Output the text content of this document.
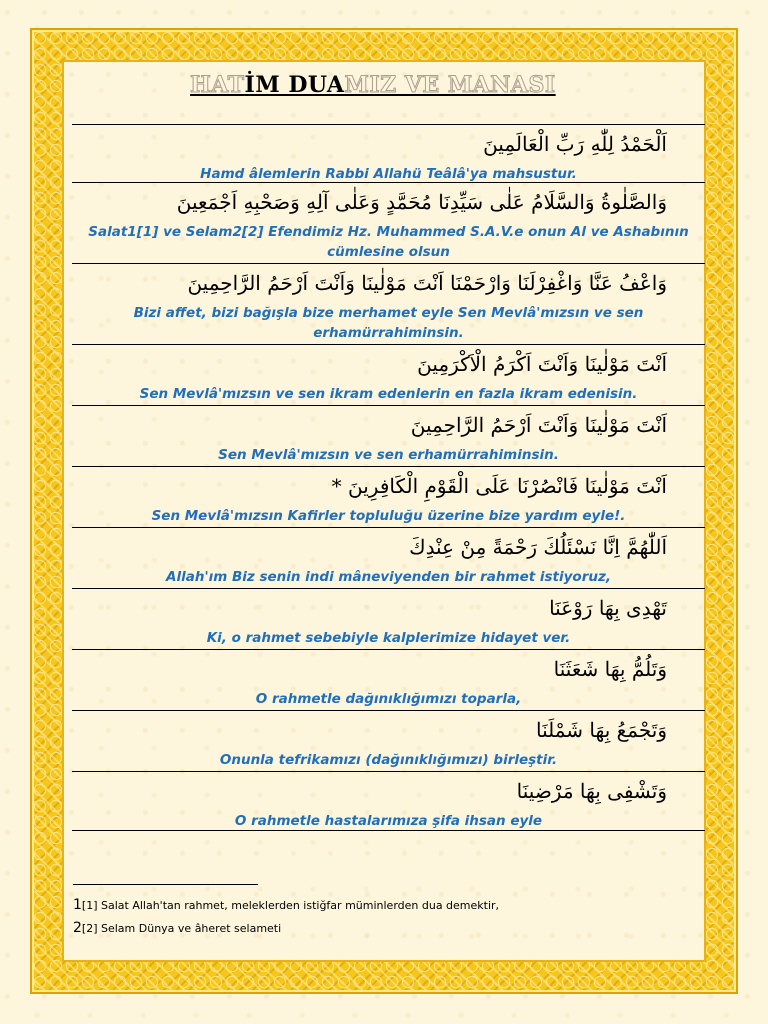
HATİM DUAMIZ VE MANASI
اَلْحَمْدُ لِلّٰهِ رَبِّ الْعَالَمِينَ
Hamd âlemlerin Rabbi Allahü Teâlâ'ya mahsustur.
وَالصَّلٰوةُ وَالسَّلَامُ عَلٰى سَيِّدِنَا مُحَمَّدٍ وَعَلٰى آلِهِ وَصَحْبِهِ اَجْمَعِينَ
Salat1[1] ve Selam2[2] Efendimiz Hz. Muhammed S.A.V.e onun Al ve Ashabının cümlesine olsun
وَاعْفُ عَنَّا وَاغْفِرْلَنَا وَارْحَمْنَا اَنْتَ مَوْلٰينَا وَاَنْتَ اَرْحَمُ الرَّاحِمِينَ
Bizi affet, bizi bağışla bize merhamet eyle Sen Mevlâ'mızsın ve sen erhamürrahiminsin.
اَنْتَ مَوْلٰينَا وَاَنْتَ اَكْرَمُ الْاَكْرَمِينَ
Sen Mevlâ'mızsın ve sen ikram edenlerin en fazla ikram edenisin.
اَنْتَ مَوْلٰينَا وَاَنْتَ اَرْحَمُ الرَّاحِمِينَ
Sen Mevlâ'mızsın ve sen erhamürrahiminsin.
اَنْتَ مَوْلٰينَا فَانْصُرْنَا عَلَى الْقَوْمِ الْكَافِرِينَ *
Sen Mevlâ'mızsın Kafirler topluluğu üzerine bize yardım eyle!.
اَللّٰهُمَّ اِنَّا نَسْئَلُكَ رَحْمَةً مِنْ عِنْدِكَ
Allah'ım Biz senin indi mâneviyenden bir rahmet istiyoruz,
تَهْدِى بِهَا رَوْعَنَا
Ki, o rahmet sebebiyle kalplerimize hidayet ver.
وَتَلُمُّ بِهَا شَعَثَنَا
O rahmetle dağınıklığımızı toparla,
وَتَجْمَعُ بِهَا شَمْلَنَا
Onunla tefrikamızı (dağınıklığımızı) birleştir.
وَتَشْفِى بِهَا مَرْضِينَا
O rahmetle hastalarımıza şifa ihsan eyle
1[1] Salat Allah'tan rahmet, meleklerden istiğfar müminlerden dua demektir,
2[2] Selam Dünya ve âheret selameti
